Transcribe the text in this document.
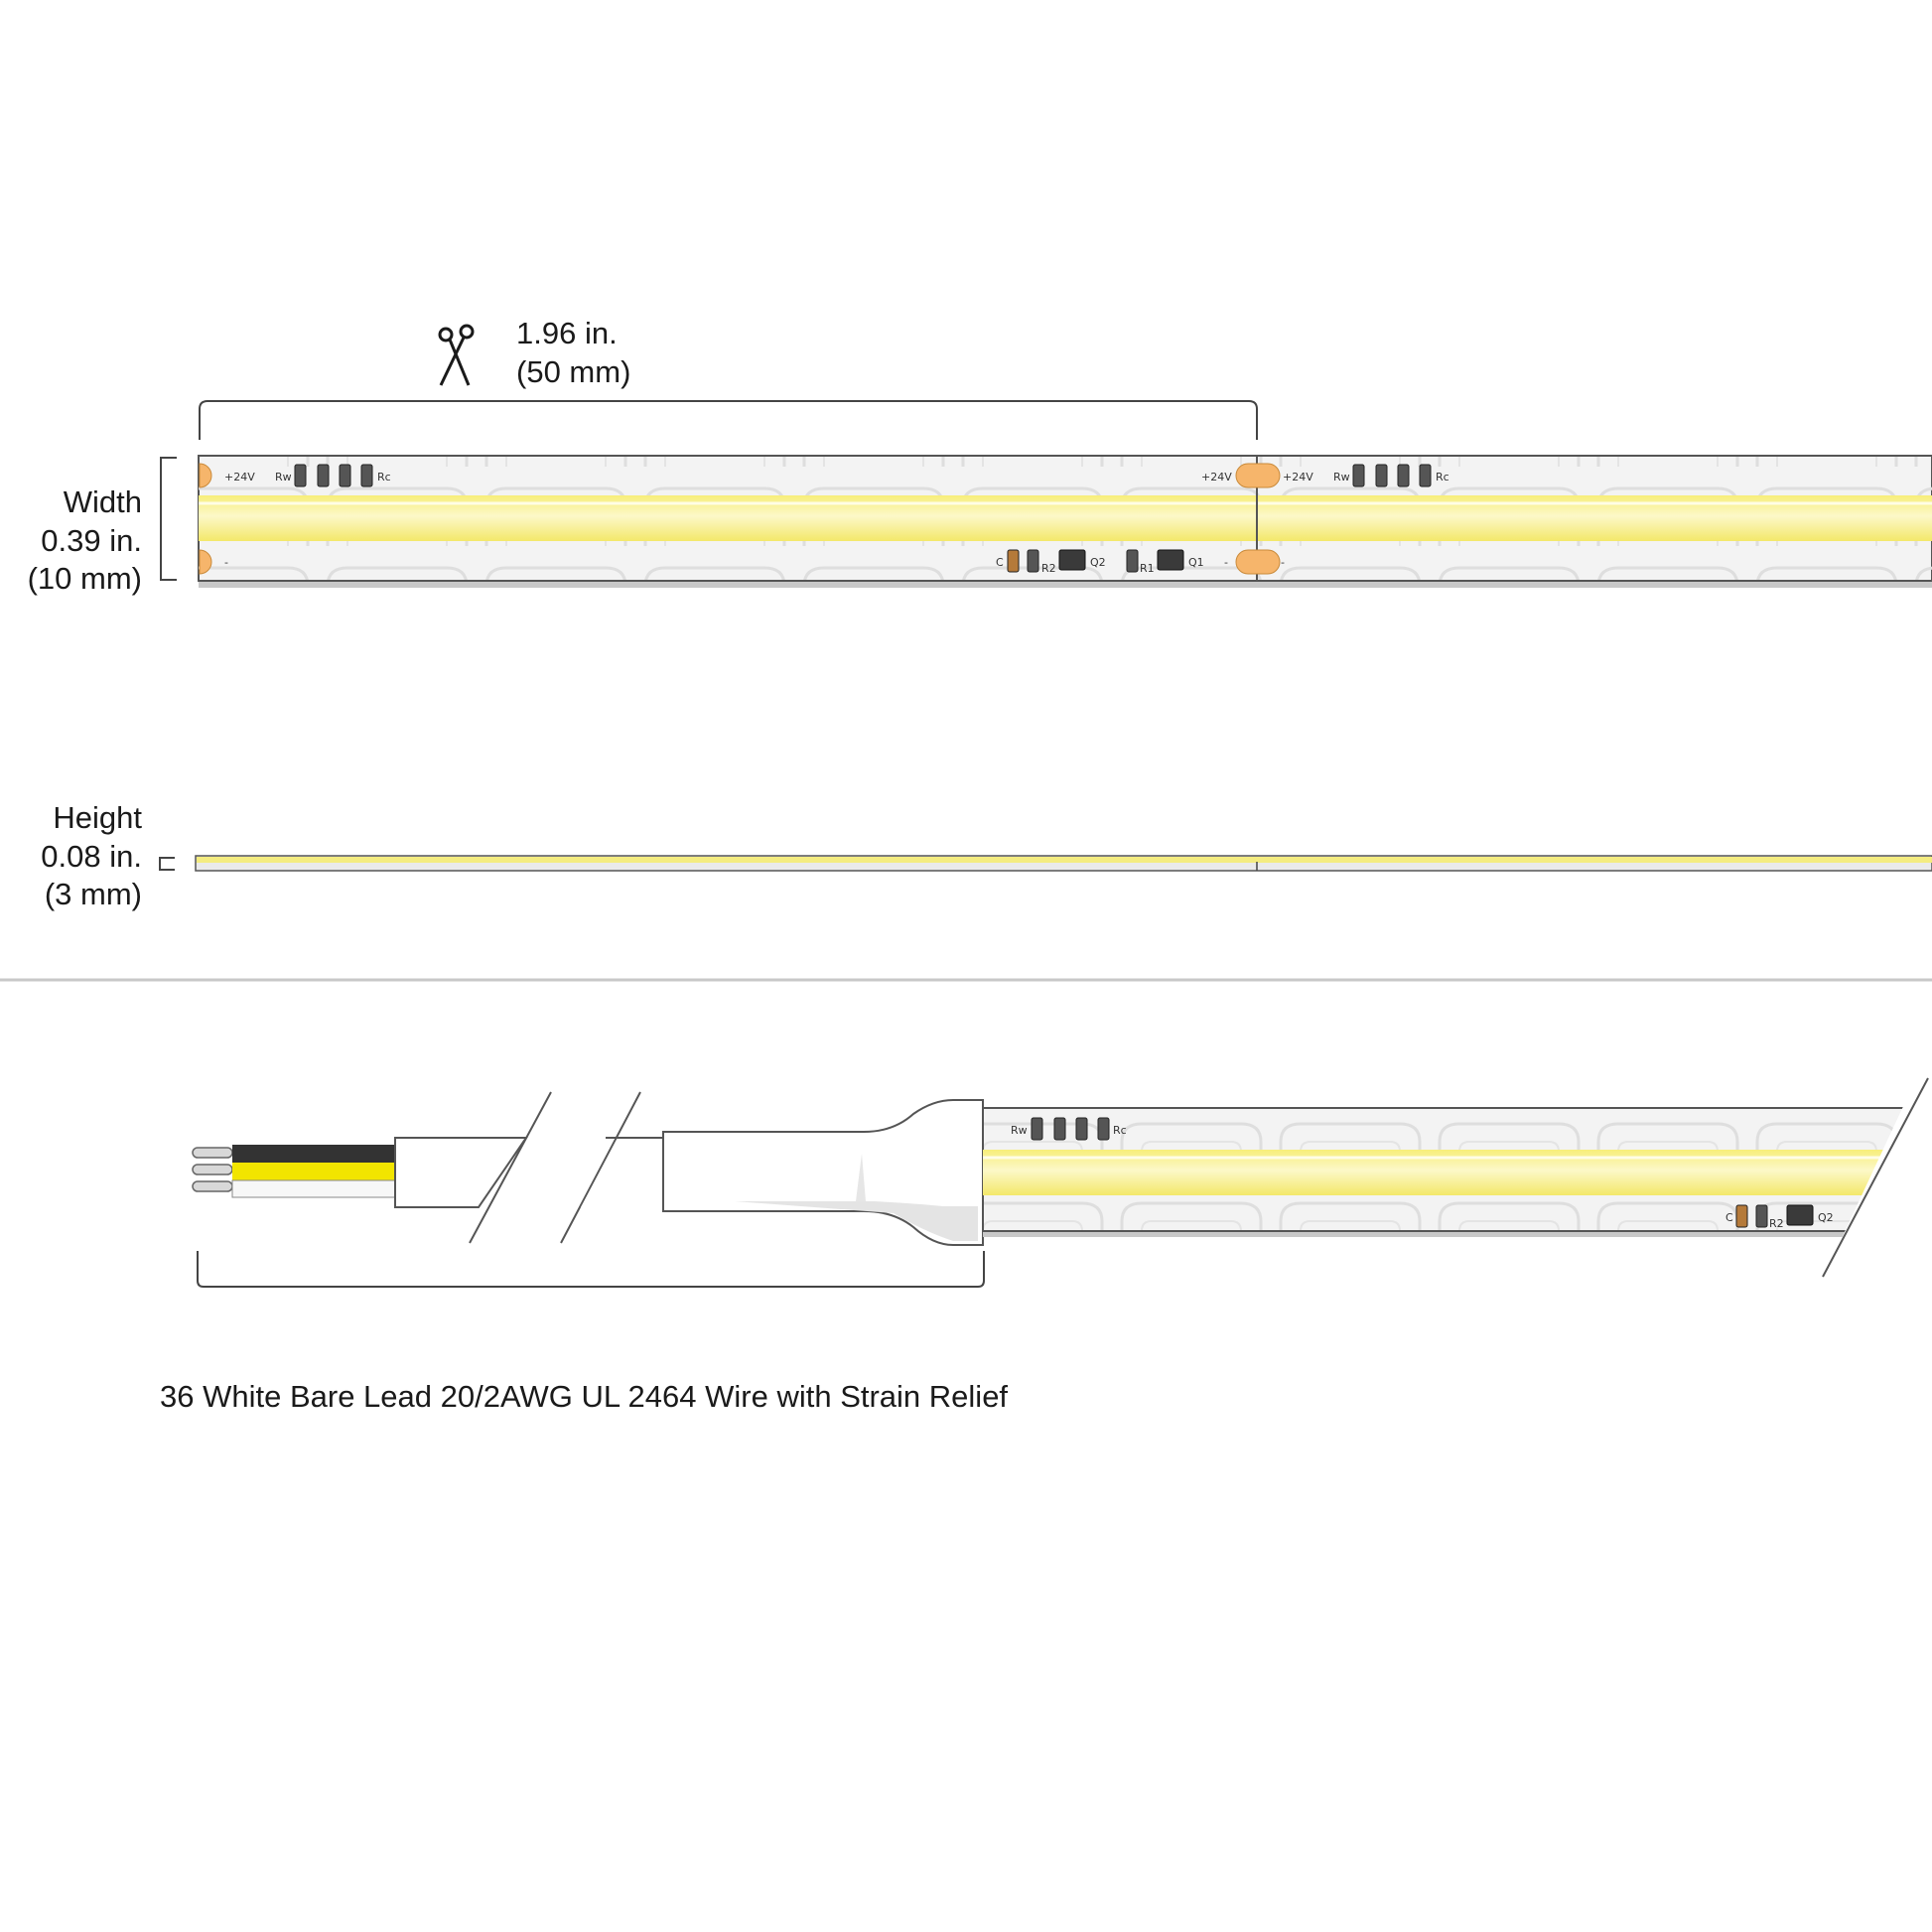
1.96 in.
(50 mm)
Width
0.39 in.
(10 mm)
Height
0.08 in.
(3 mm)
36 White Bare Lead 20/2AWG UL 2464 Wire with Strain Relief
+24V
-
+24V
-
+24V
-
Rw	Rc	Rw	Rc
C	R2	Q2	R1	Q1
Rw	Rc
C	R2	Q2
